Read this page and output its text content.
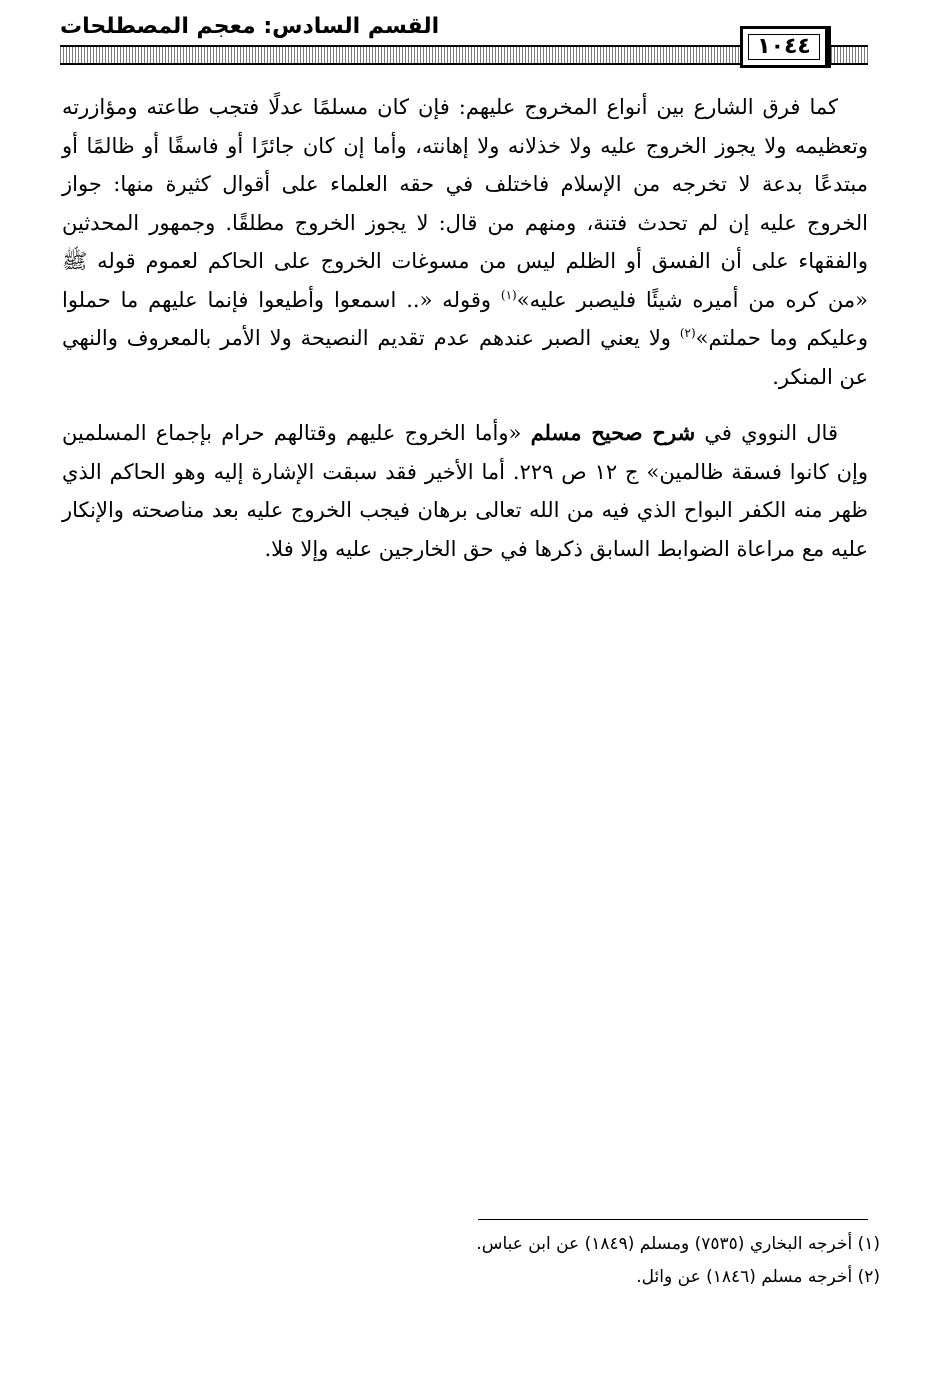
القسم السادس: معجم المصطلحات
١٠٤٤

كما فرق الشارع بين أنواع المخروج عليهم: فإن كان مسلمًا عدلًا فتجب طاعته ومؤازرته وتعظيمه ولا يجوز الخروج عليه ولا خذلانه ولا إهانته، وأما إن كان جائرًا أو فاسقًا أو ظالمًا أو مبتدعًا بدعة لا تخرجه من الإسلام فاختلف في حقه العلماء على أقوال كثيرة منها: جواز الخروج عليه إن لم تحدث فتنة، ومنهم من قال: لا يجوز الخروج مطلقًا. وجمهور المحدثين والفقهاء على أن الفسق أو الظلم ليس من مسوغات الخروج على الحاكم لعموم قوله ﷺ «من كره من أميره شيئًا فليصبر عليه»$^{(١)}$ وقوله «.. اسمعوا وأطيعوا فإنما عليهم ما حملوا وعليكم وما حملتم»$^{(٢)}$ ولا يعني الصبر عندهم عدم تقديم النصيحة ولا الأمر بالمعروف والنهي عن المنكر.

قال النووي في شرح صحيح مسلم «وأما الخروج عليهم وقتالهم حرام بإجماع المسلمين وإن كانوا فسقة ظالمين» ج ١٢ ص ٢٢٩. أما الأخير فقد سبقت الإشارة إليه وهو الحاكم الذي ظهر منه الكفر البواح الذي فيه من الله تعالى برهان فيجب الخروج عليه بعد مناصحته والإنكار عليه مع مراعاة الضوابط السابق ذكرها في حق الخارجين عليه وإلا فلا.

(١) أخرجه البخاري (٧٥٣٥) ومسلم (١٨٤٩) عن ابن عباس.

(٢) أخرجه مسلم (١٨٤٦) عن وائل.
